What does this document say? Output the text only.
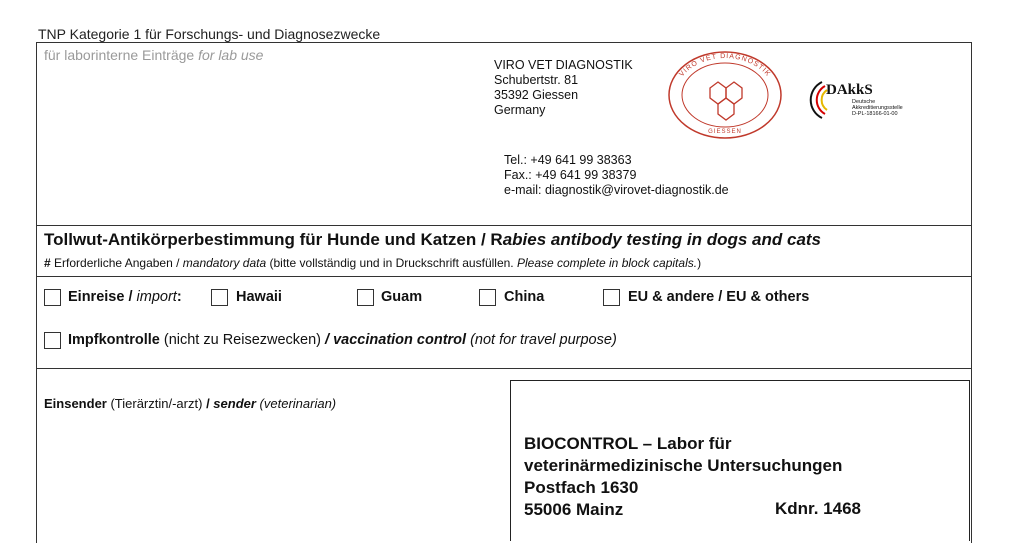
TNP Kategorie 1 für Forschungs- und Diagnosezwecke
für laborinterne Einträge for lab use
VIRO VET DIAGNOSTIK
Schubertstr. 81
35392 Giessen
Germany
VIRO VET DIAGNOSTIK
GIESSEN
DAkkS
Deutsche
Akkreditierungsstelle
D-PL-18166-01-00
Tel.: +49 641 99 38363
Fax.: +49 641 99 38379
e-mail: diagnostik@virovet-diagnostik.de
Tollwut-Antikörperbestimmung für Hunde und Katzen / Rabies antibody testing in dogs and cats
# Erforderliche Angaben / mandatory data (bitte vollständig und in Druckschrift ausfüllen. Please complete in block capitals.)
Einreise / import:	Hawaii	Guam	China	EU & andere / EU & others
Impfkontrolle (nicht zu Reisezwecken) / vaccination control (not for travel purpose)
Einsender (Tierärztin/-arzt) / sender (veterinarian)
BIOCONTROL – Labor für
veterinärmedizinische Untersuchungen
Postfach 1630
55006 Mainz	Kdnr. 1468
